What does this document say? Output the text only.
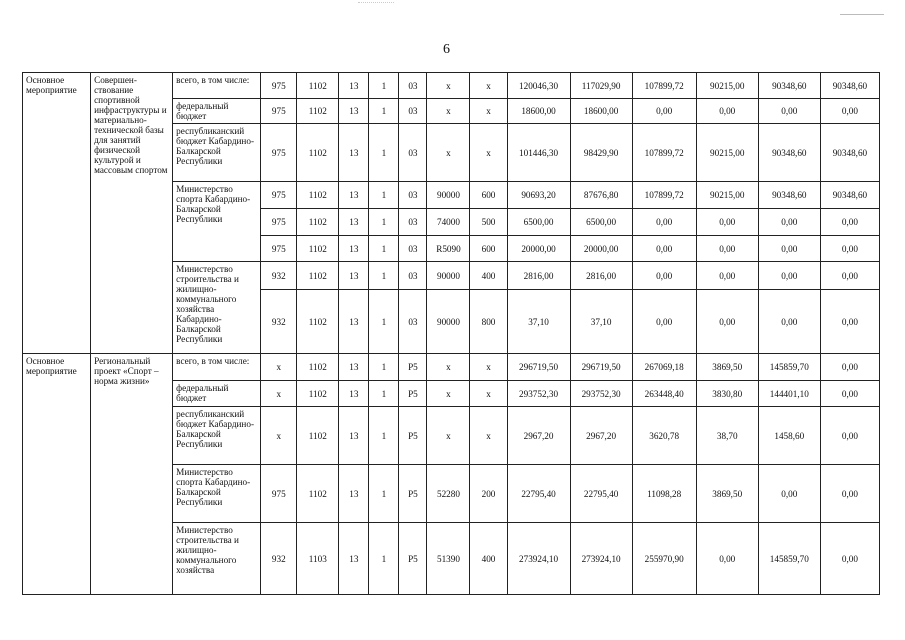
6
Основное мероприятие	Совершен-ствование спортивной инфраструктуры и материально-технической базы для занятий физической культурой и массовым спортом	всего, в том числе:	975	1102	13	1	03	x	x	120046,30	117029,90	107899,72	90215,00	90348,60	90348,60
		федеральный бюджет	975	1102	13	1	03	x	x	18600,00	18600,00	0,00	0,00	0,00	0,00
		республиканский бюджет Кабардино-Балкарской Республики	975	1102	13	1	03	x	x	101446,30	98429,90	107899,72	90215,00	90348,60	90348,60
		Министерство спорта Кабардино-Балкарской Республики	975	1102	13	1	03	90000	600	90693,20	87676,80	107899,72	90215,00	90348,60	90348,60
			975	1102	13	1	03	74000	500	6500,00	6500,00	0,00	0,00	0,00	0,00
			975	1102	13	1	03	R5090	600	20000,00	20000,00	0,00	0,00	0,00	0,00
		Министерство строительства и жилищно-коммунального хозяйства Кабардино-Балкарской Республики	932	1102	13	1	03	90000	400	2816,00	2816,00	0,00	0,00	0,00	0,00
			932	1102	13	1	03	90000	800	37,10	37,10	0,00	0,00	0,00	0,00
Основное мероприятие	Региональный проект «Спорт – норма жизни»	всего, в том числе:	x	1102	13	1	P5	x	x	296719,50	296719,50	267069,18	3869,50	145859,70	0,00
		федеральный бюджет	x	1102	13	1	P5	x	x	293752,30	293752,30	263448,40	3830,80	144401,10	0,00
		республиканский бюджет Кабардино-Балкарской Республики	x	1102	13	1	P5	x	x	2967,20	2967,20	3620,78	38,70	1458,60	0,00
		Министерство спорта Кабардино-Балкарской Республики	975	1102	13	1	P5	52280	200	22795,40	22795,40	11098,28	3869,50	0,00	0,00
		Министерство строительства и жилищно-коммунального хозяйства	932	1103	13	1	P5	51390	400	273924,10	273924,10	255970,90	0,00	145859,70	0,00
